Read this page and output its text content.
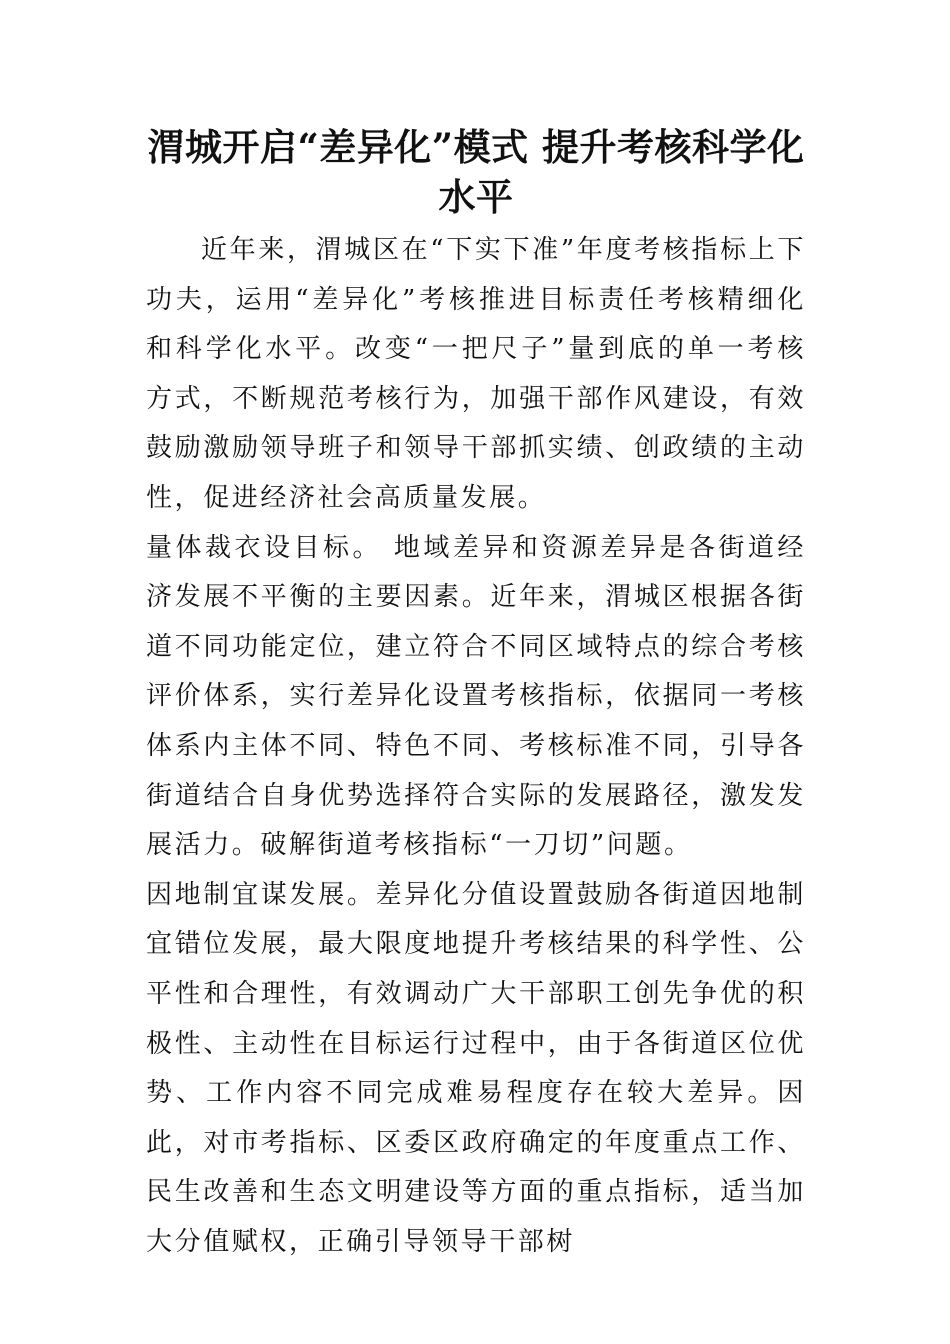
渭城开启“差异化”模式 提升考核科学化
水平

近年来，渭城区在“下实下准”年度考核指标上下功夫，运用“差异化”考核推进目标责任考核精细化和科学化水平。改变“一把尺子”量到底的单一考核方式，不断规范考核行为，加强干部作风建设，有效鼓励激励领导班子和领导干部抓实绩、创政绩的主动性，促进经济社会高质量发展。

量体裁衣设目标。 地域差异和资源差异是各街道经济发展不平衡的主要因素。近年来，渭城区根据各街道不同功能定位，建立符合不同区域特点的综合考核评价体系，实行差异化设置考核指标，依据同一考核体系内主体不同、特色不同、考核标准不同，引导各街道结合自身优势选择符合实际的发展路径，激发发展活力。破解街道考核指标“一刀切”问题。

因地制宜谋发展。差异化分值设置鼓励各街道因地制宜错位发展，最大限度地提升考核结果的科学性、公平性和合理性，有效调动广大干部职工创先争优的积极性、主动性在目标运行过程中，由于各街道区位优势、工作内容不同完成难易程度存在较大差异。因此，对市考指标、区委区政府确定的年度重点工作、民生改善和生态文明建设等方面的重点指标，适当加大分值赋权，正确引导领导干部树
